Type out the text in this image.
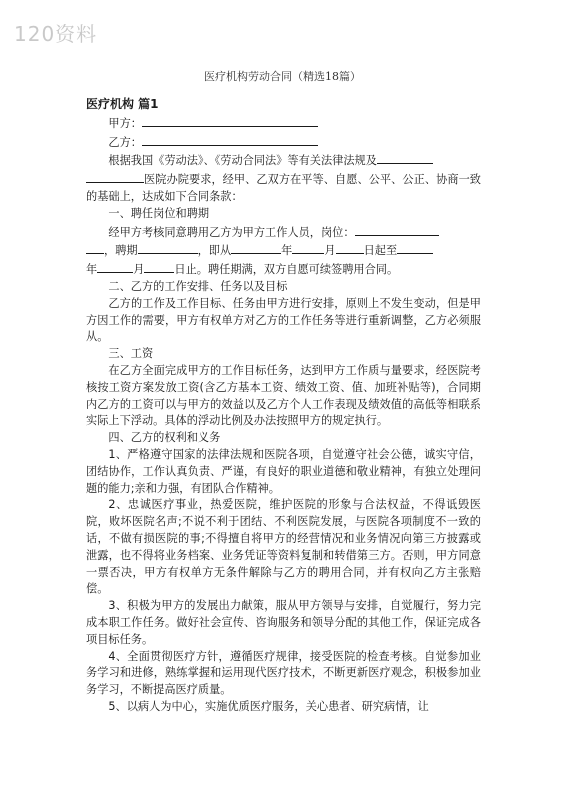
120资料
医疗机构劳动合同（精选18篇）
医疗机构 篇1

甲方：

乙方：

根据我国《劳动法》、《劳动合同法》等有关法律法规及
医院办院要求，经甲、乙双方在平等、自愿、公平、公正、协商一致的基础上，达成如下合同条款：

一、聘任岗位和聘期

经甲方考核同意聘用乙方为甲方工作人员，岗位：
，聘期	，即从	年	月	日起至
年	月	日止。聘任期满，双方自愿可续签聘用合同。

二、乙方的工作安排、任务以及目标

乙方的工作及工作目标、任务由甲方进行安排，原则上不发生变动，但是甲方因工作的需要，甲方有权单方对乙方的工作任务等进行重新调整，乙方必须服从。

三、工资

在乙方全面完成甲方的工作目标任务，达到甲方工作质与量要求，经医院考核按工资方案发放工资(含乙方基本工资、绩效工资、值、加班补贴等)，合同期内乙方的工资可以与甲方的效益以及乙方个人工作表现及绩效值的高低等相联系实际上下浮动。具体的浮动比例及办法按照甲方的规定执行。

四、乙方的权利和义务

1、严格遵守国家的法律法规和医院各项，自觉遵守社会公德，诚实守信，团结协作，工作认真负责、严谨，有良好的职业道德和敬业精神，有独立处理问题的能力;亲和力强，有团队合作精神。

2、忠诚医疗事业，热爱医院，维护医院的形象与合法权益，不得诋毁医院，败坏医院名声;不说不利于团结、不利医院发展，与医院各项制度不一致的话，不做有损医院的事;不得擅自将甲方的经营情况和业务情况向第三方披露或泄露，也不得将业务档案、业务凭证等资料复制和转借第三方。否则，甲方同意一票否决，甲方有权单方无条件解除与乙方的聘用合同，并有权向乙方主张赔偿。

3、积极为甲方的发展出力献策，服从甲方领导与安排，自觉履行，努力完成本职工作任务。做好社会宣传、咨询服务和领导分配的其他工作，保证完成各项目标任务。

4、全面贯彻医疗方针，遵循医疗规律，接受医院的检查考核。自觉参加业务学习和进修，熟练掌握和运用现代医疗技术，不断更新医疗观念，积极参加业务学习，不断提高医疗质量。

5、以病人为中心，实施优质医疗服务，关心患者、研究病情，让
